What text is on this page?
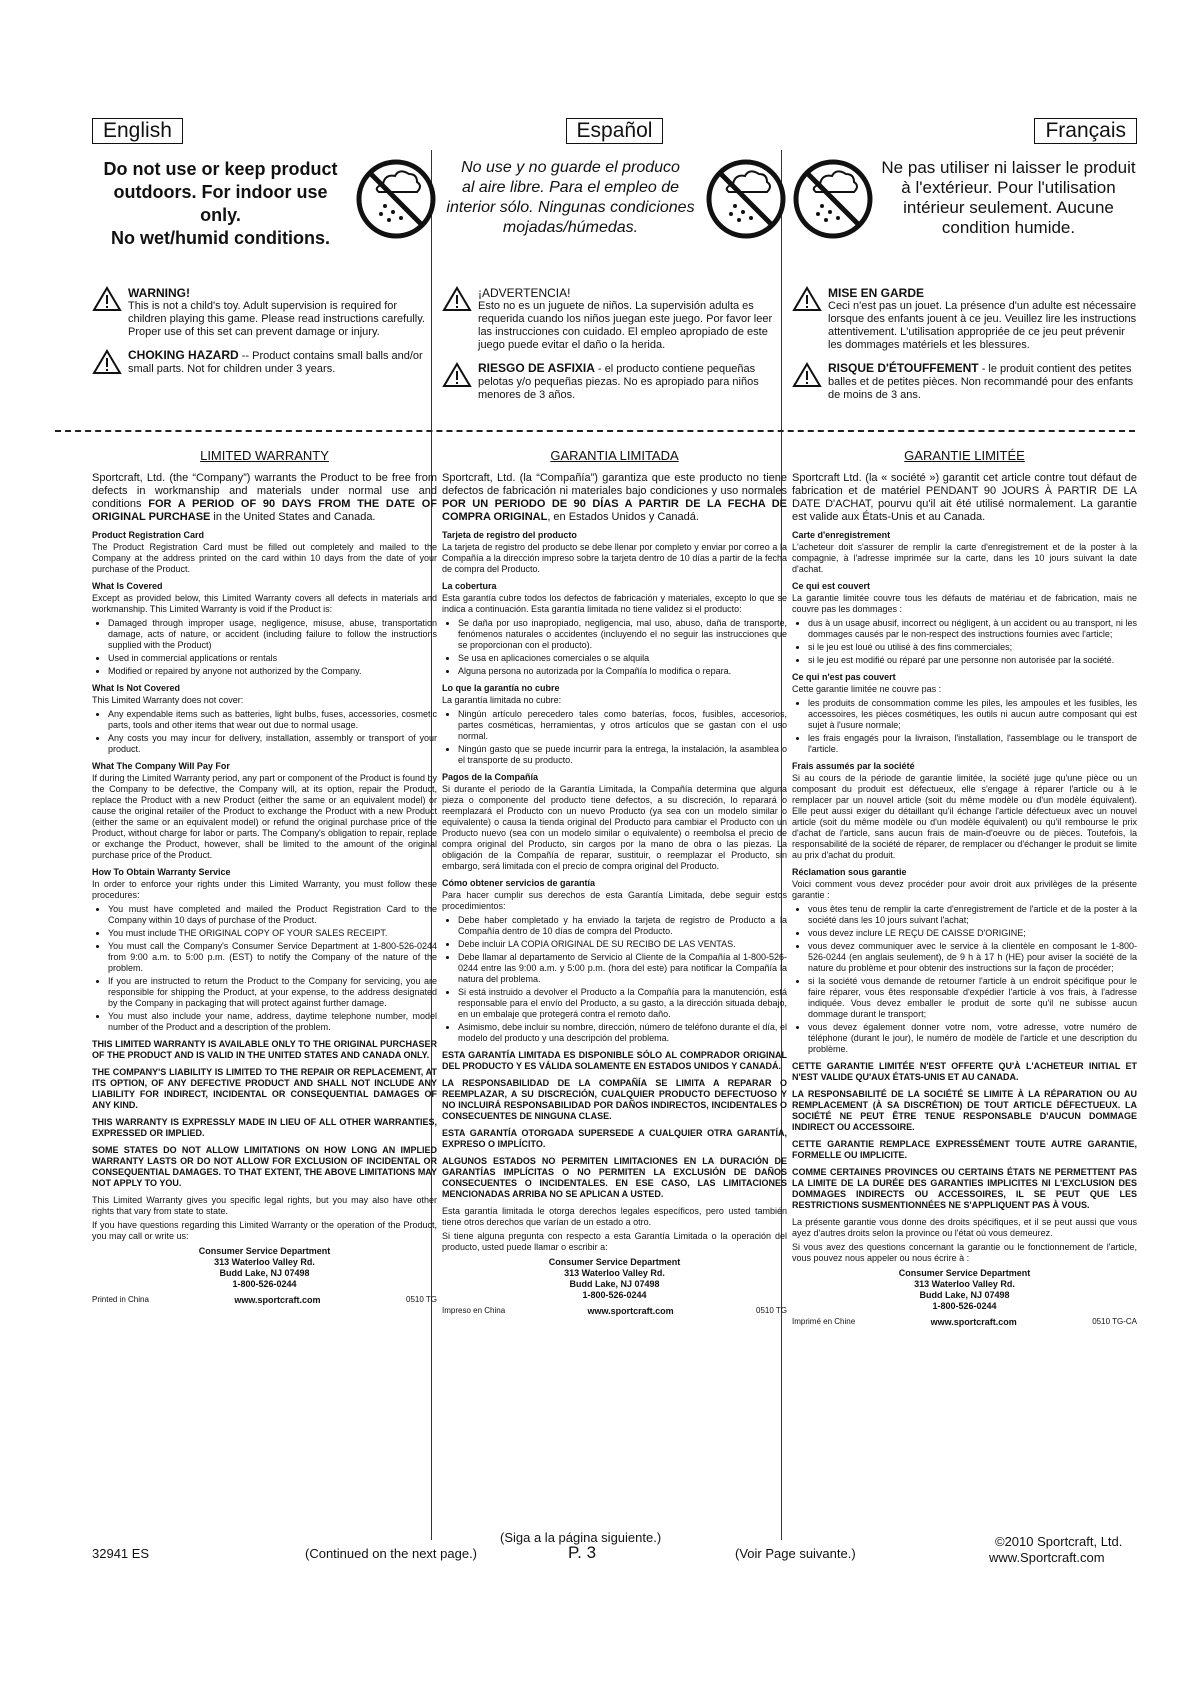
English
Do not use or keep product
outdoors. For indoor use only.
No wet/humid conditions.
WARNING!
This is not a child's toy. Adult supervision is required for children playing this game. Please read instructions carefully. Proper use of this set can prevent damage or injury.
CHOKING HAZARD -- Product contains small balls and/or small parts. Not for children under 3 years.
Español
No use y no guarde el produco
al aire libre. Para el empleo de
interior sólo. Ningunas condiciones
mojadas/húmedas.
¡ADVERTENCIA!
Esto no es un juguete de niños. La supervisión adulta es requerida cuando los niños juegan este juego. Por favor leer las instrucciones con cuidado. El empleo apropiado de este juego puede evitar el daño o la herida.
RIESGO DE ASFIXIA - el producto contiene pequeñas pelotas y/o pequeñas piezas. No es apropiado para niños menores de 3 años.
Français
Ne pas utiliser ni laisser le produit
à l'extérieur. Pour l'utilisation
intérieur seulement. Aucune
condition humide.
MISE EN GARDE
Ceci n'est pas un jouet. La présence d'un adulte est nécessaire lorsque des enfants jouent à ce jeu. Veuillez lire les instructions attentivement. L'utilisation appropriée de ce jeu peut prévenir les dommages matériels et les blessures.
RISQUE D'ÉTOUFFEMENT - le produit contient des petites balles et de petites pièces. Non recommandé pour des enfants de moins de 3 ans.
LIMITED WARRANTY
Sportcraft, Ltd. (the “Company”) warrants the Product to be free from defects in workmanship and materials under normal use and conditions FOR A PERIOD OF 90 DAYS FROM THE DATE OF ORIGINAL PURCHASE in the United States and Canada.
Product Registration Card

The Product Registration Card must be filled out completely and mailed to the Company at the address printed on the card within 10 days from the date of your purchase of the Product.

What Is Covered

Except as provided below, this Limited Warranty covers all defects in materials and workmanship. This Limited Warranty is void if the Product is:

• Damaged through improper usage, negligence, misuse, abuse, transportation damage, acts of nature, or accident (including failure to follow the instructions supplied with the Product)
• Used in commercial applications or rentals
• Modified or repaired by anyone not authorized by the Company.
What Is Not Covered

This Limited Warranty does not cover:

• Any expendable items such as batteries, light bulbs, fuses, accessories, cosmetic parts, tools and other items that wear out due to normal usage.
• Any costs you may incur for delivery, installation, assembly or transport of your product.
What The Company Will Pay For

If during the Limited Warranty period, any part or component of the Product is found by the Company to be defective, the Company will, at its option, repair the Product, replace the Product with a new Product (either the same or an equivalent model) or cause the original retailer of the Product to exchange the Product with a new Product (either the same or an equivalent model) or refund the original purchase price of the Product, without charge for labor or parts. The Company's obligation to repair, replace or exchange the Product, however, shall be limited to the amount of the original purchase price of the Product.

How To Obtain Warranty Service

In order to enforce your rights under this Limited Warranty, you must follow these procedures:

• You must have completed and mailed the Product Registration Card to the Company within 10 days of purchase of the Product.
• You must include THE ORIGINAL COPY OF YOUR SALES RECEIPT.
• You must call the Company's Consumer Service Department at 1-800-526-0244 from 9:00 a.m. to 5:00 p.m. (EST) to notify the Company of the nature of the problem.
• If you are instructed to return the Product to the Company for servicing, you are responsible for shipping the Product, at your expense, to the address designated by the Company in packaging that will protect against further damage.
• You must also include your name, address, daytime telephone number, model number of the Product and a description of the problem.
THIS LIMITED WARRANTY IS AVAILABLE ONLY TO THE ORIGINAL PURCHASER OF THE PRODUCT AND IS VALID IN THE UNITED STATES AND CANADA ONLY.
THE COMPANY'S LIABILITY IS LIMITED TO THE REPAIR OR REPLACEMENT, AT ITS OPTION, OF ANY DEFECTIVE PRODUCT AND SHALL NOT INCLUDE ANY LIABILITY FOR INDIRECT, INCIDENTAL OR CONSEQUENTIAL DAMAGES OF ANY KIND.
THIS WARRANTY IS EXPRESSLY MADE IN LIEU OF ALL OTHER WARRANTIES, EXPRESSED OR IMPLIED.
SOME STATES DO NOT ALLOW LIMITATIONS ON HOW LONG AN IMPLIED WARRANTY LASTS OR DO NOT ALLOW FOR EXCLUSION OF INCIDENTAL OR CONSEQUENTIAL DAMAGES. TO THAT EXTENT, THE ABOVE LIMITATIONS MAY NOT APPLY TO YOU.

This Limited Warranty gives you specific legal rights, but you may also have other rights that vary from state to state.

If you have questions regarding this Limited Warranty or the operation of the Product, you may call or write us:

Consumer Service Department
313 Waterloo Valley Rd.
Budd Lake, NJ 07498
1-800-526-0244
Printed in China	www.sportcraft.com	0510 TG
GARANTIA LIMITADA
Sportcraft, Ltd. (la “Compañía”) garantiza que este producto no tiene defectos de fabricación ni materiales bajo condiciones y uso normales POR UN PERIODO DE 90 DÍAS A PARTIR DE LA FECHA DE COMPRA ORIGINAL, en Estados Unidos y Canadá.
Tarjeta de registro del producto

La tarjeta de registro del producto se debe llenar por completo y enviar por correo a la Compañía a la dirección impreso sobre la tarjeta dentro de 10 días a partir de la fecha de compra del Producto.

La cobertura

Esta garantía cubre todos los defectos de fabricación y materiales, excepto lo que se indica a continuación. Esta garantía limitada no tiene validez si el producto:

• Se daña por uso inapropiado, negligencia, mal uso, abuso, daña de transporte, fenómenos naturales o accidentes (incluyendo el no seguir las instrucciones que se proporcionan con el producto).
• Se usa en aplicaciones comerciales o se alquila
• Alguna persona no autorizada por la Compañía lo modifica o repara.
Lo que la garantía no cubre

La garantía limitada no cubre:

• Ningún artículo perecedero tales como baterías, focos, fusibles, accesorios, partes cosméticas, herramientas, y otros artículos que se gastan con el uso normal.
• Ningún gasto que se puede incurrir para la entrega, la instalación, la asamblea o el transporte de su producto.
Pagos de la Compañía

Si durante el periodo de la Garantía Limitada, la Compañía determina que alguna pieza o componente del producto tiene defectos, a su discreción, lo reparará o reemplazará el Producto con un nuevo Producto (ya sea con un modelo similar o equivalente) o causa la tienda original del Producto para cambiar el Producto con un Producto nuevo (sea con un modelo similar o equivalente) o reembolsa el precio de compra original del Producto, sin cargos por la mano de obra o las piezas. La obligación de la Compañía de reparar, sustituir, o reemplazar el Producto, sin embargo, será limitada con el precio de compra original del Producto.

Cómo obtener servicios de garantía

Para hacer cumplir sus derechos de esta Garantía Limitada, debe seguir estos procedimientos:

• Debe haber completado y ha enviado la tarjeta de registro de Producto a la Compañía dentro de 10 días de compra del Producto.
• Debe incluir LA COPIA ORIGINAL DE SU RECIBO DE LAS VENTAS.
• Debe llamar al departamento de Servicio al Cliente de la Compañía al 1-800-526-0244 entre las 9:00 a.m. y 5:00 p.m. (hora del este) para notificar la Compañía la natura del problema.
• Si está instruido a devolver el Producto a la Compañía para la manutención, está responsable para el envío del Producto, a su gasto, a la dirección situada debajo, en un embalaje que protegerá contra el remoto daño.
• Asimismo, debe incluir su nombre, dirección, número de teléfono durante el día, el modelo del producto y una descripción del problema.
ESTA GARANTÍA LIMITADA ES DISPONIBLE SÓLO AL COMPRADOR ORIGINAL DEL PRODUCTO Y ES VÁLIDA SOLAMENTE EN ESTADOS UNIDOS Y CANADÁ.
LA RESPONSABILIDAD DE LA COMPAÑÍA SE LIMITA A REPARAR O REEMPLAZAR, A SU DISCRECIÓN, CUALQUIER PRODUCTO DEFECTUOSO Y NO INCLUIRÁ RESPONSABILIDAD POR DAÑOS INDIRECTOS, INCIDENTALES O CONSECUENTES DE NINGUNA CLASE.
ESTA GARANTÍA OTORGADA SUPERSEDE A CUALQUIER OTRA GARANTÍA, EXPRESO O IMPLÍCITO.
ALGUNOS ESTADOS NO PERMITEN LIMITACIONES EN LA DURACIÓN DE GARANTÍAS IMPLÍCITAS O NO PERMITEN LA EXCLUSIÓN DE DAÑOS CONSECUENTES O INCIDENTALES. EN ESE CASO, LAS LIMITACIONES MENCIONADAS ARRIBA NO SE APLICAN A USTED.

Esta garantía limitada le otorga derechos legales específicos, pero usted también tiene otros derechos que varían de un estado a otro.

Si tiene alguna pregunta con respecto a esta Garantía Limitada o la operación del producto, usted puede llamar o escribir a:

Consumer Service Department
313 Waterloo Valley Rd.
Budd Lake, NJ 07498
1-800-526-0244
Impreso en China	www.sportcraft.com	0510 TG
GARANTIE LIMITÉE
Sportcraft Ltd. (la « société ») garantit cet article contre tout défaut de fabrication et de matériel PENDANT 90 JOURS À PARTIR DE LA DATE D'ACHAT, pourvu qu'il ait été utilisé normalement. La garantie est valide aux États-Unis et au Canada.
Carte d'enregistrement

L'acheteur doit s'assurer de remplir la carte d'enregistrement et de la poster à la compagnie, à l'adresse imprimée sur la carte, dans les 10 jours suivant la date d'achat.

Ce qui est couvert

La garantie limitée couvre tous les défauts de matériau et de fabrication, mais ne couvre pas les dommages :

• dus à un usage abusif, incorrect ou négligent, à un accident ou au transport, ni les dommages causés par le non-respect des instructions fournies avec l'article;
• si le jeu est loué ou utilisé à des fins commerciales;
• si le jeu est modifié ou réparé par une personne non autorisée par la société.
Ce qui n'est pas couvert

Cette garantie limitée ne couvre pas :

• les produits de consommation comme les piles, les ampoules et les fusibles, les accessoires, les pièces cosmétiques, les outils ni aucun autre composant qui est sujet à l'usure normale;
• les frais engagés pour la livraison, l'installation, l'assemblage ou le transport de l'article.
Frais assumés par la société

Si au cours de la période de garantie limitée, la société juge qu'une pièce ou un composant du produit est défectueux, elle s'engage à réparer l'article ou à le remplacer par un nouvel article (soit du même modèle ou d'un modèle équivalent). Elle peut aussi exiger du détaillant qu'il échange l'article défectueux avec un nouvel article (soit du même modèle ou d'un modèle équivalent) ou qu'il rembourse le prix d'achat de l'article, sans aucun frais de main-d'oeuvre ou de pièces. Toutefois, la responsabilité de la société de réparer, de remplacer ou d'échanger le produit se limite au prix d'achat du produit.

Réclamation sous garantie

Voici comment vous devez procéder pour avoir droit aux privilèges de la présente garantie :

• vous êtes tenu de remplir la carte d'enregistrement de l'article et de la poster à la société dans les 10 jours suivant l'achat;
• vous devez inclure LE REÇU DE CAISSE D'ORIGINE;
• vous devez communiquer avec le service à la clientèle en composant le 1-800-526-0244 (en anglais seulement), de 9 h à 17 h (HE) pour aviser la société de la nature du problème et pour obtenir des instructions sur la façon de procéder;
• si la société vous demande de retourner l'article à un endroit spécifique pour le faire réparer, vous êtes responsable d'expédier l'article à vos frais, à l'adresse indiquée. Vous devez emballer le produit de sorte qu'il ne subisse aucun dommage durant le transport;
• vous devez également donner votre nom, votre adresse, votre numéro de téléphone (durant le jour), le numéro de modèle de l'article et une description du problème.
CETTE GARANTIE LIMITÉE N'EST OFFERTE QU'À L'ACHETEUR INITIAL ET N'EST VALIDE QU'AUX ÉTATS-UNIS ET AU CANADA.
LA RESPONSABILITÉ DE LA SOCIÉTÉ SE LIMITE À LA RÉPARATION OU AU REMPLACEMENT (À SA DISCRÉTION) DE TOUT ARTICLE DÉFECTUEUX. LA SOCIÉTÉ NE PEUT ÊTRE TENUE RESPONSABLE D'AUCUN DOMMAGE INDIRECT OU ACCESSOIRE.
CETTE GARANTIE REMPLACE EXPRESSÉMENT TOUTE AUTRE GARANTIE, FORMELLE OU IMPLICITE.
COMME CERTAINES PROVINCES OU CERTAINS ÉTATS NE PERMETTENT PAS LA LIMITE DE LA DURÉE DES GARANTIES IMPLICITES NI L'EXCLUSION DES DOMMAGES INDIRECTS OU ACCESSOIRES, IL SE PEUT QUE LES RESTRICTIONS SUSMENTIONNÉES NE S'APPLIQUENT PAS À VOUS.

La présente garantie vous donne des droits spécifiques, et il se peut aussi que vous ayez d'autres droits selon la province ou l'état où vous demeurez.

Si vous avez des questions concernant la garantie ou le fonctionnement de l'article, vous pouvez nous appeler ou nous écrire à :

Consumer Service Department
313 Waterloo Valley Rd.
Budd Lake, NJ 07498
1-800-526-0244
Imprimé en Chine	www.sportcraft.com	0510 TG-CA
32941 ES	(Continued on the next page.)
(Siga a la página siguiente.)
P. 3	(Voir Page suivante.)
©2010 Sportcraft, Ltd.
www.Sportcraft.com
